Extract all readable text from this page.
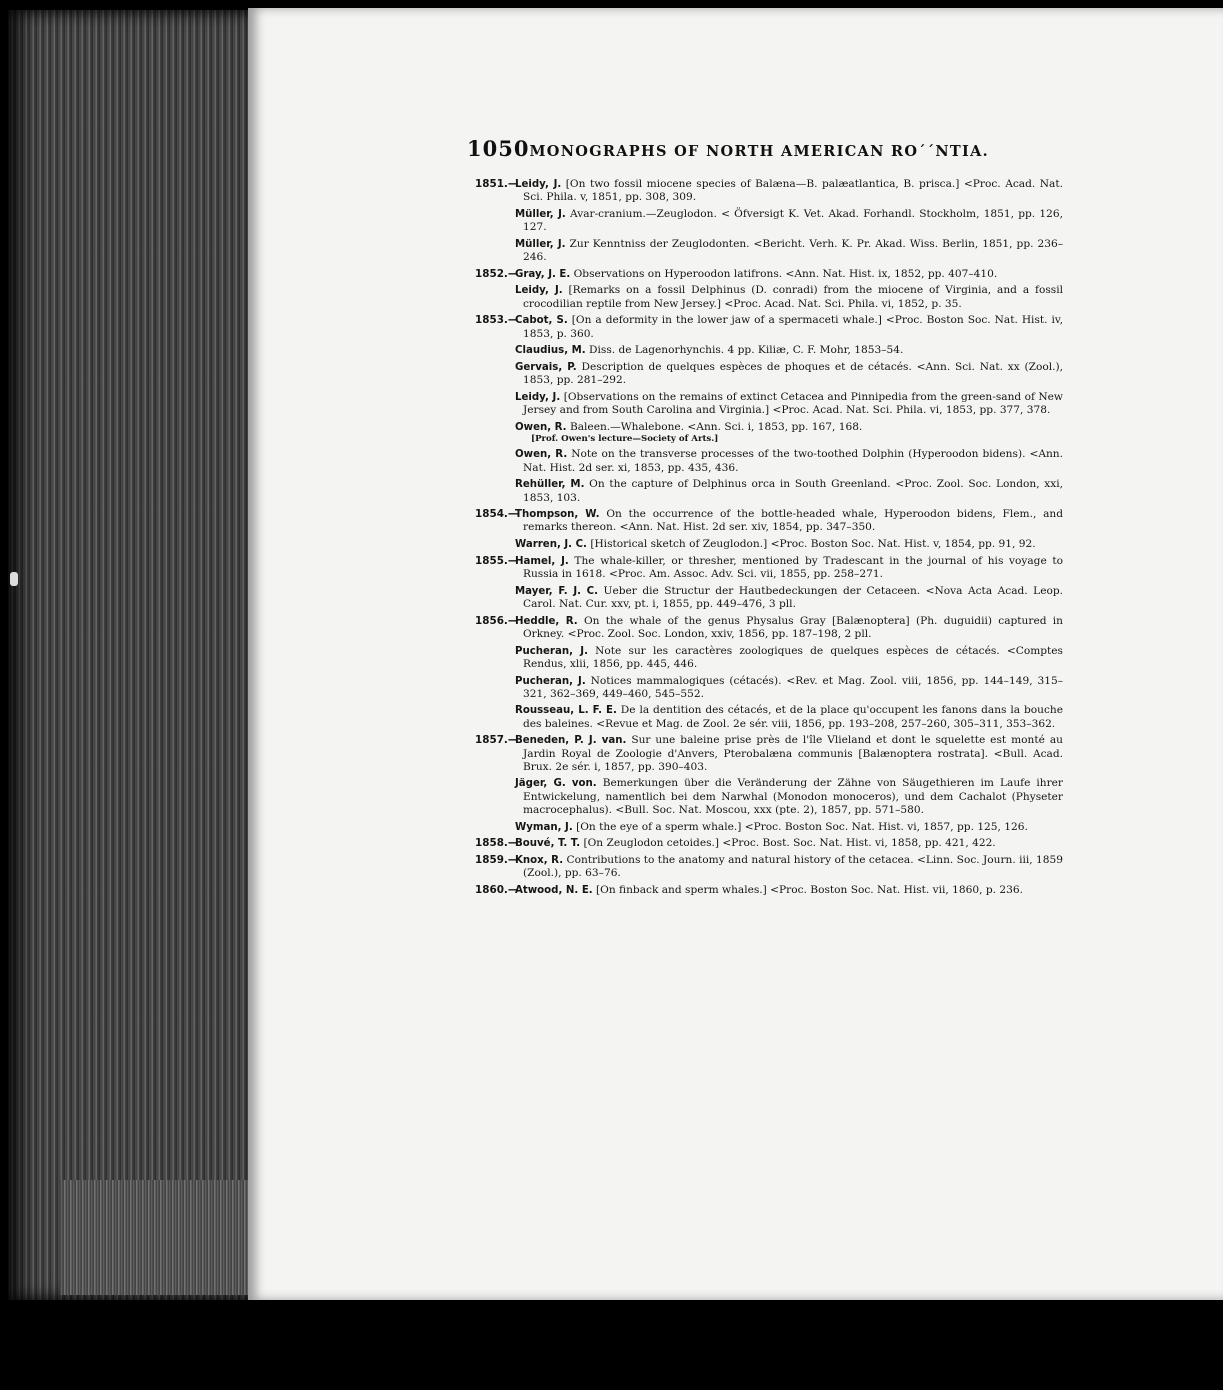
1050 MONOGRAPHS OF NORTH AMERICAN RO´´NTIA.
1851.—
Leidy, J. [On two fossil miocene species of Balæna—B. palæatlantica, B. prisca.] <Proc. Acad. Nat. Sci. Phila. v, 1851, pp. 308, 309.
Müller, J. Avar-cranium.—Zeuglodon. < Öfversigt K. Vet. Akad. Forhandl. Stockholm, 1851, pp. 126, 127.
Müller, J. Zur Kenntniss der Zeuglodonten. <Bericht. Verh. K. Pr. Akad. Wiss. Berlin, 1851, pp. 236–246.
1852.—
Gray, J. E. Observations on Hyperoodon latifrons. <Ann. Nat. Hist. ix, 1852, pp. 407–410.
Leidy, J. [Remarks on a fossil Delphinus (D. conradi) from the miocene of Virginia, and a fossil crocodilian reptile from New Jersey.] <Proc. Acad. Nat. Sci. Phila. vi, 1852, p. 35.
1853.—
Cabot, S. [On a deformity in the lower jaw of a spermaceti whale.] <Proc. Boston Soc. Nat. Hist. iv, 1853, p. 360.
Claudius, M. Diss. de Lagenorhynchis. 4 pp. Kiliæ, C. F. Mohr, 1853–54.
Gervais, P. Description de quelques espèces de phoques et de cétacés. <Ann. Sci. Nat. xx (Zool.), 1853, pp. 281–292.
Leidy, J. [Observations on the remains of extinct Cetacea and Pinnipedia from the green-sand of New Jersey and from South Carolina and Virginia.] <Proc. Acad. Nat. Sci. Phila. vi, 1853, pp. 377, 378.
Owen, R. Baleen.—Whalebone. <Ann. Sci. i, 1853, pp. 167, 168.
[Prof. Owen's lecture—Society of Arts.]
Owen, R. Note on the transverse processes of the two-toothed Dolphin (Hyperoodon bidens). <Ann. Nat. Hist. 2d ser. xi, 1853, pp. 435, 436.
Rehüller, M. On the capture of Delphinus orca in South Greenland. <Proc. Zool. Soc. London, xxi, 1853, 103.
1854.—
Thompson, W. On the occurrence of the bottle-headed whale, Hyperoodon bidens, Flem., and remarks thereon. <Ann. Nat. Hist. 2d ser. xiv, 1854, pp. 347–350.
Warren, J. C. [Historical sketch of Zeuglodon.] <Proc. Boston Soc. Nat. Hist. v, 1854, pp. 91, 92.
1855.—
Hamel, J. The whale-killer, or thresher, mentioned by Tradescant in the journal of his voyage to Russia in 1618. <Proc. Am. Assoc. Adv. Sci. vii, 1855, pp. 258–271.
Mayer, F. J. C. Ueber die Structur der Hautbedeckungen der Cetaceen. <Nova Acta Acad. Leop. Carol. Nat. Cur. xxv, pt. i, 1855, pp. 449–476, 3 pll.
1856.—
Heddle, R. On the whale of the genus Physalus Gray [Balænoptera] (Ph. duguidii) captured in Orkney. <Proc. Zool. Soc. London, xxiv, 1856, pp. 187–198, 2 pll.
Pucheran, J. Note sur les caractères zoologiques de quelques espèces de cétacés. <Comptes Rendus, xlii, 1856, pp. 445, 446.
Pucheran, J. Notices mammalogiques (cétacés). <Rev. et Mag. Zool. viii, 1856, pp. 144–149, 315–321, 362–369, 449–460, 545–552.
Rousseau, L. F. E. De la dentition des cétacés, et de la place qu'occupent les fanons dans la bouche des baleines. <Revue et Mag. de Zool. 2e sér. viii, 1856, pp. 193–208, 257–260, 305–311, 353–362.
1857.—
Beneden, P. J. van. Sur une baleine prise près de l'île Vlieland et dont le squelette est monté au Jardin Royal de Zoologie d'Anvers, Pterobalæna communis [Balænoptera rostrata]. <Bull. Acad. Brux. 2e sér. i, 1857, pp. 390–403.
Jäger, G. von. Bemerkungen über die Veränderung der Zähne von Säugethieren im Laufe ihrer Entwickelung, namentlich bei dem Narwhal (Monodon monoceros), und dem Cachalot (Physeter macrocephalus). <Bull. Soc. Nat. Moscou, xxx (pte. 2), 1857, pp. 571–580.
Wyman, J. [On the eye of a sperm whale.] <Proc. Boston Soc. Nat. Hist. vi, 1857, pp. 125, 126.
1858.—
Bouvé, T. T. [On Zeuglodon cetoides.] <Proc. Bost. Soc. Nat. Hist. vi, 1858, pp. 421, 422.
1859.—
Knox, R. Contributions to the anatomy and natural history of the cetacea. <Linn. Soc. Journ. iii, 1859 (Zool.), pp. 63–76.
1860.—
Atwood, N. E. [On finback and sperm whales.] <Proc. Boston Soc. Nat. Hist. vii, 1860, p. 236.
